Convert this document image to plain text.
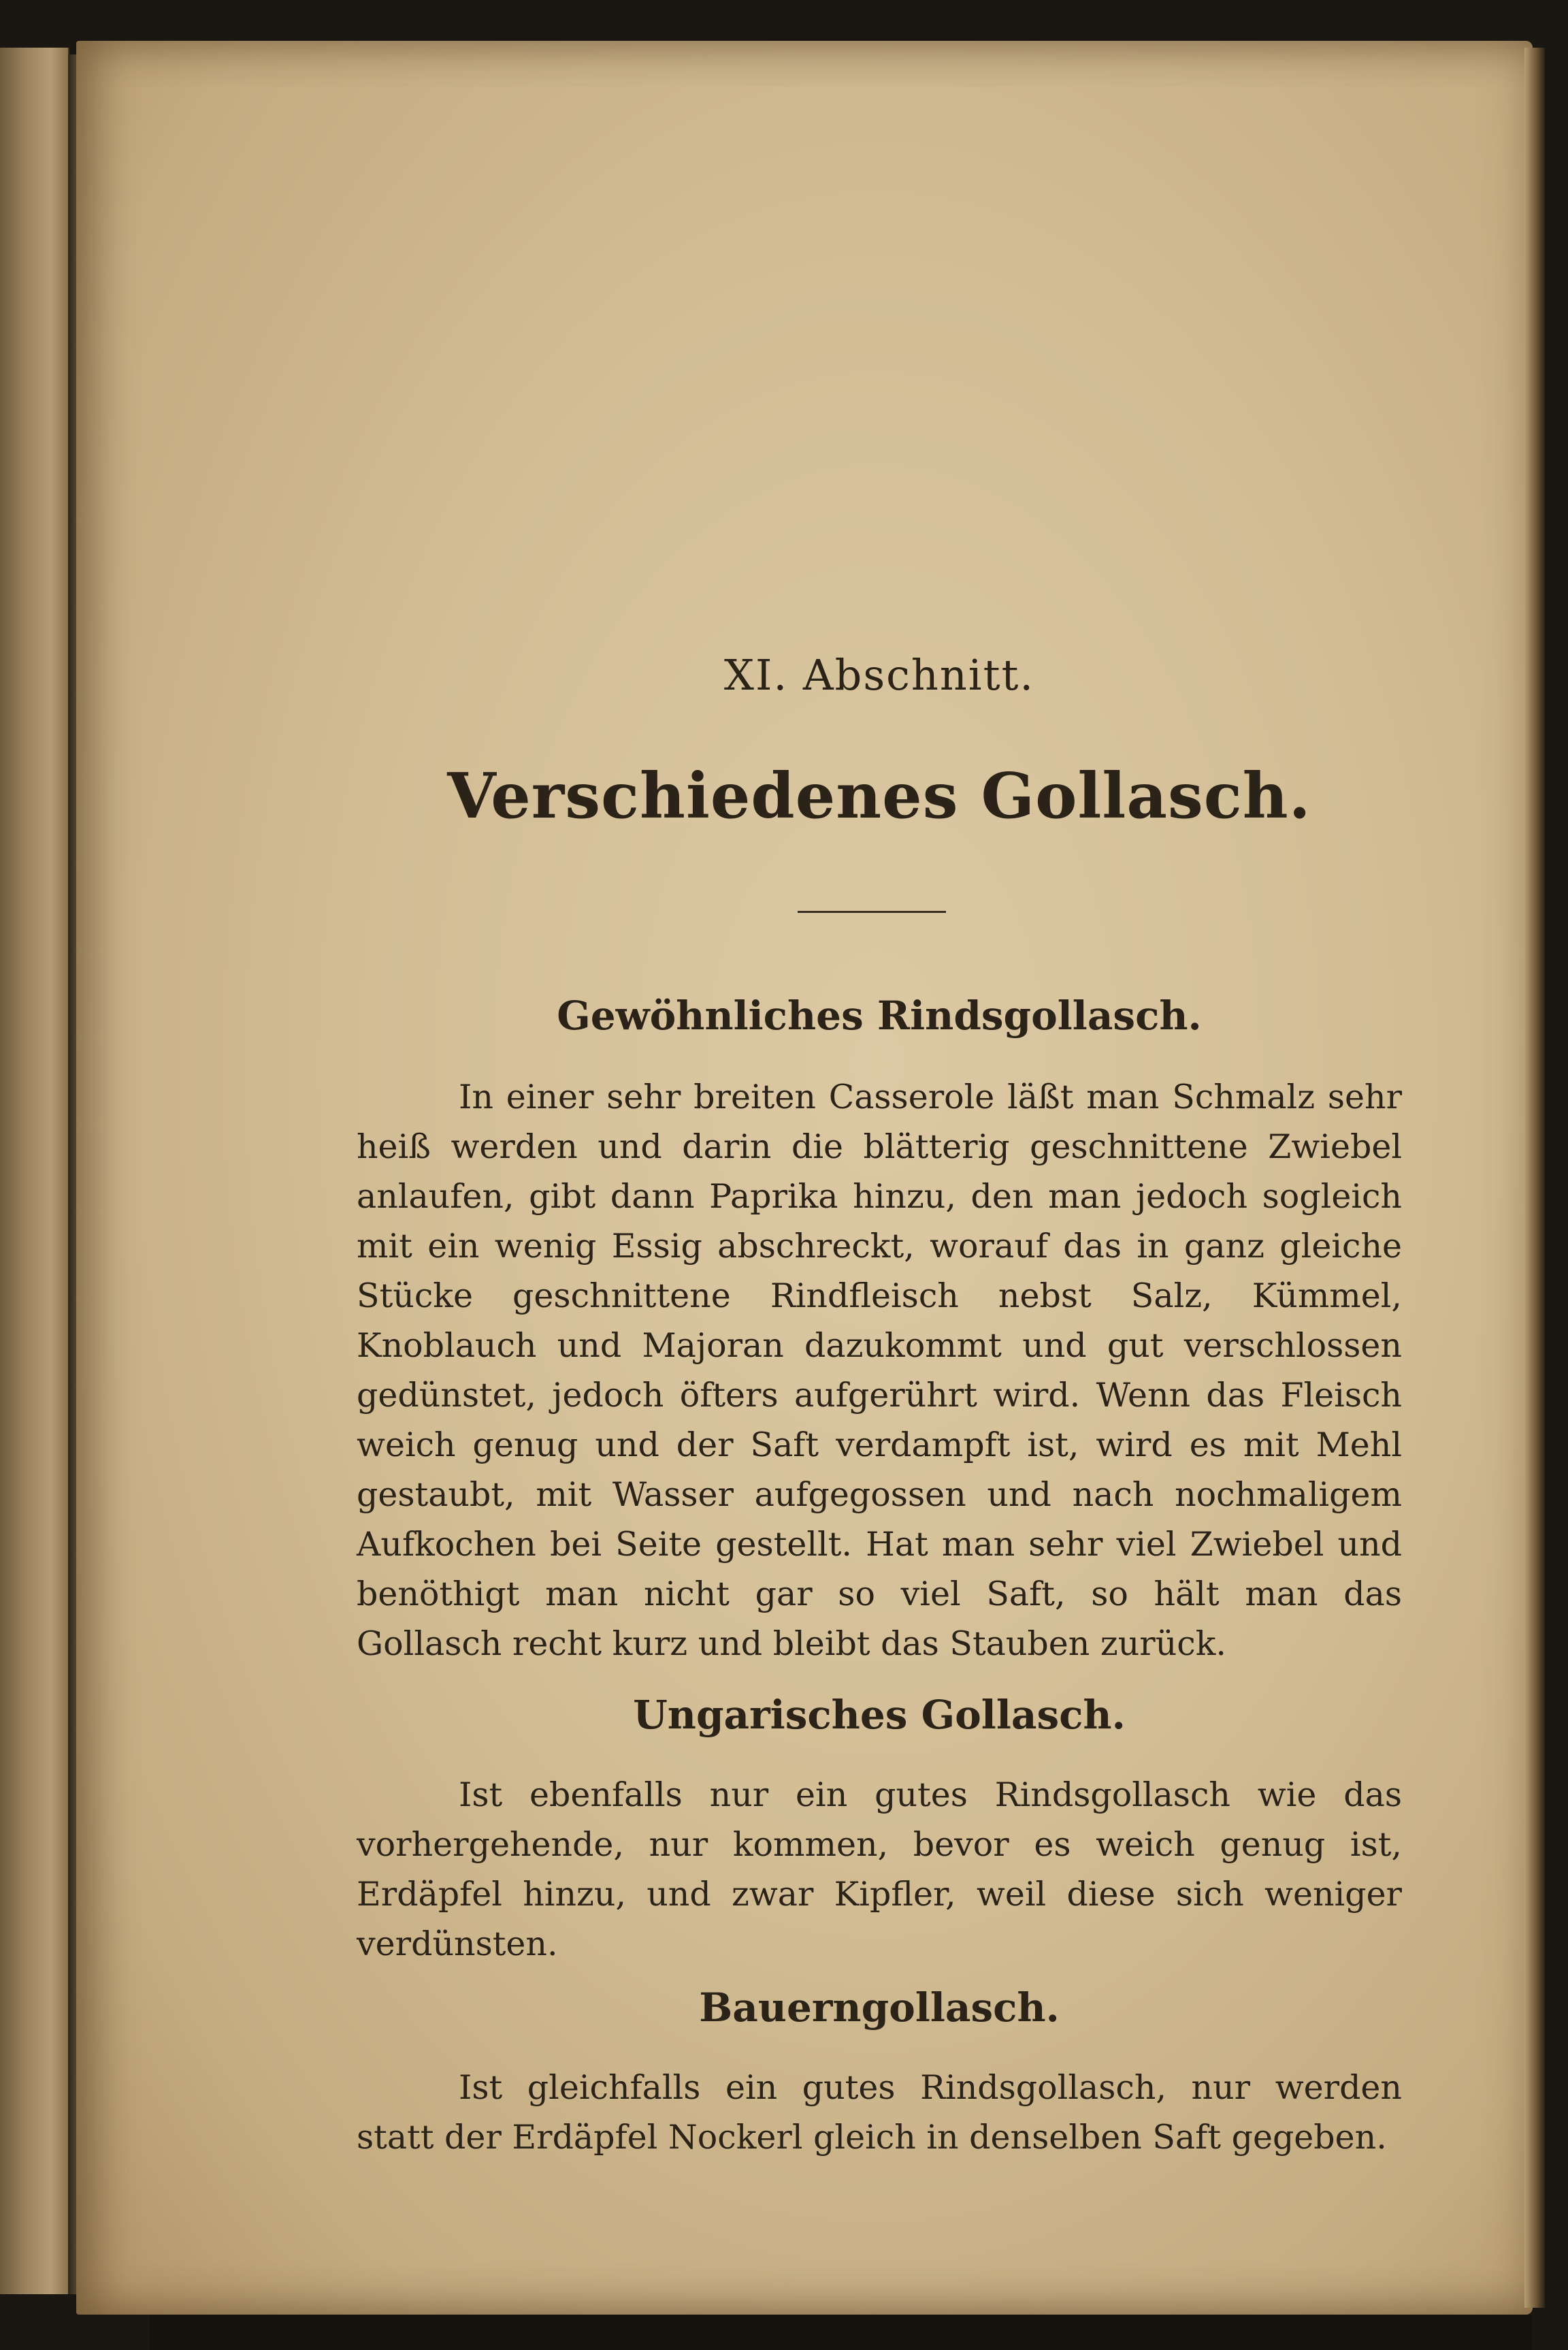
XI. Abschnitt.
Verschiedenes Gollasch.
Gewöhnliches Rindsgollasch.

In einer sehr breiten Casserole läßt man Schmalz sehr heiß werden und darin die blätterig geschnittene Zwiebel anlaufen, gibt dann Paprika hinzu, den man jedoch sogleich mit ein wenig Essig abschreckt, worauf das in ganz gleiche Stücke geschnittene Rindfleisch nebst Salz, Kümmel, Knoblauch und Majoran dazukommt und gut verschlossen gedünstet, jedoch öfters aufgerührt wird. Wenn das Fleisch weich genug und der Saft verdampft ist, wird es mit Mehl gestaubt, mit Wasser aufgegossen und nach nochmaligem Aufkochen bei Seite gestellt. Hat man sehr viel Zwiebel und benöthigt man nicht gar so viel Saft, so hält man das Gollasch recht kurz und bleibt das Stauben zurück.

Ungarisches Gollasch.

Ist ebenfalls nur ein gutes Rindsgollasch wie das vorhergehende, nur kommen, bevor es weich genug ist, Erdäpfel hinzu, und zwar Kipfler, weil diese sich weniger verdünsten.

Bauerngollasch.

Ist gleichfalls ein gutes Rindsgollasch, nur werden statt der Erdäpfel Nockerl gleich in denselben Saft gegeben.
